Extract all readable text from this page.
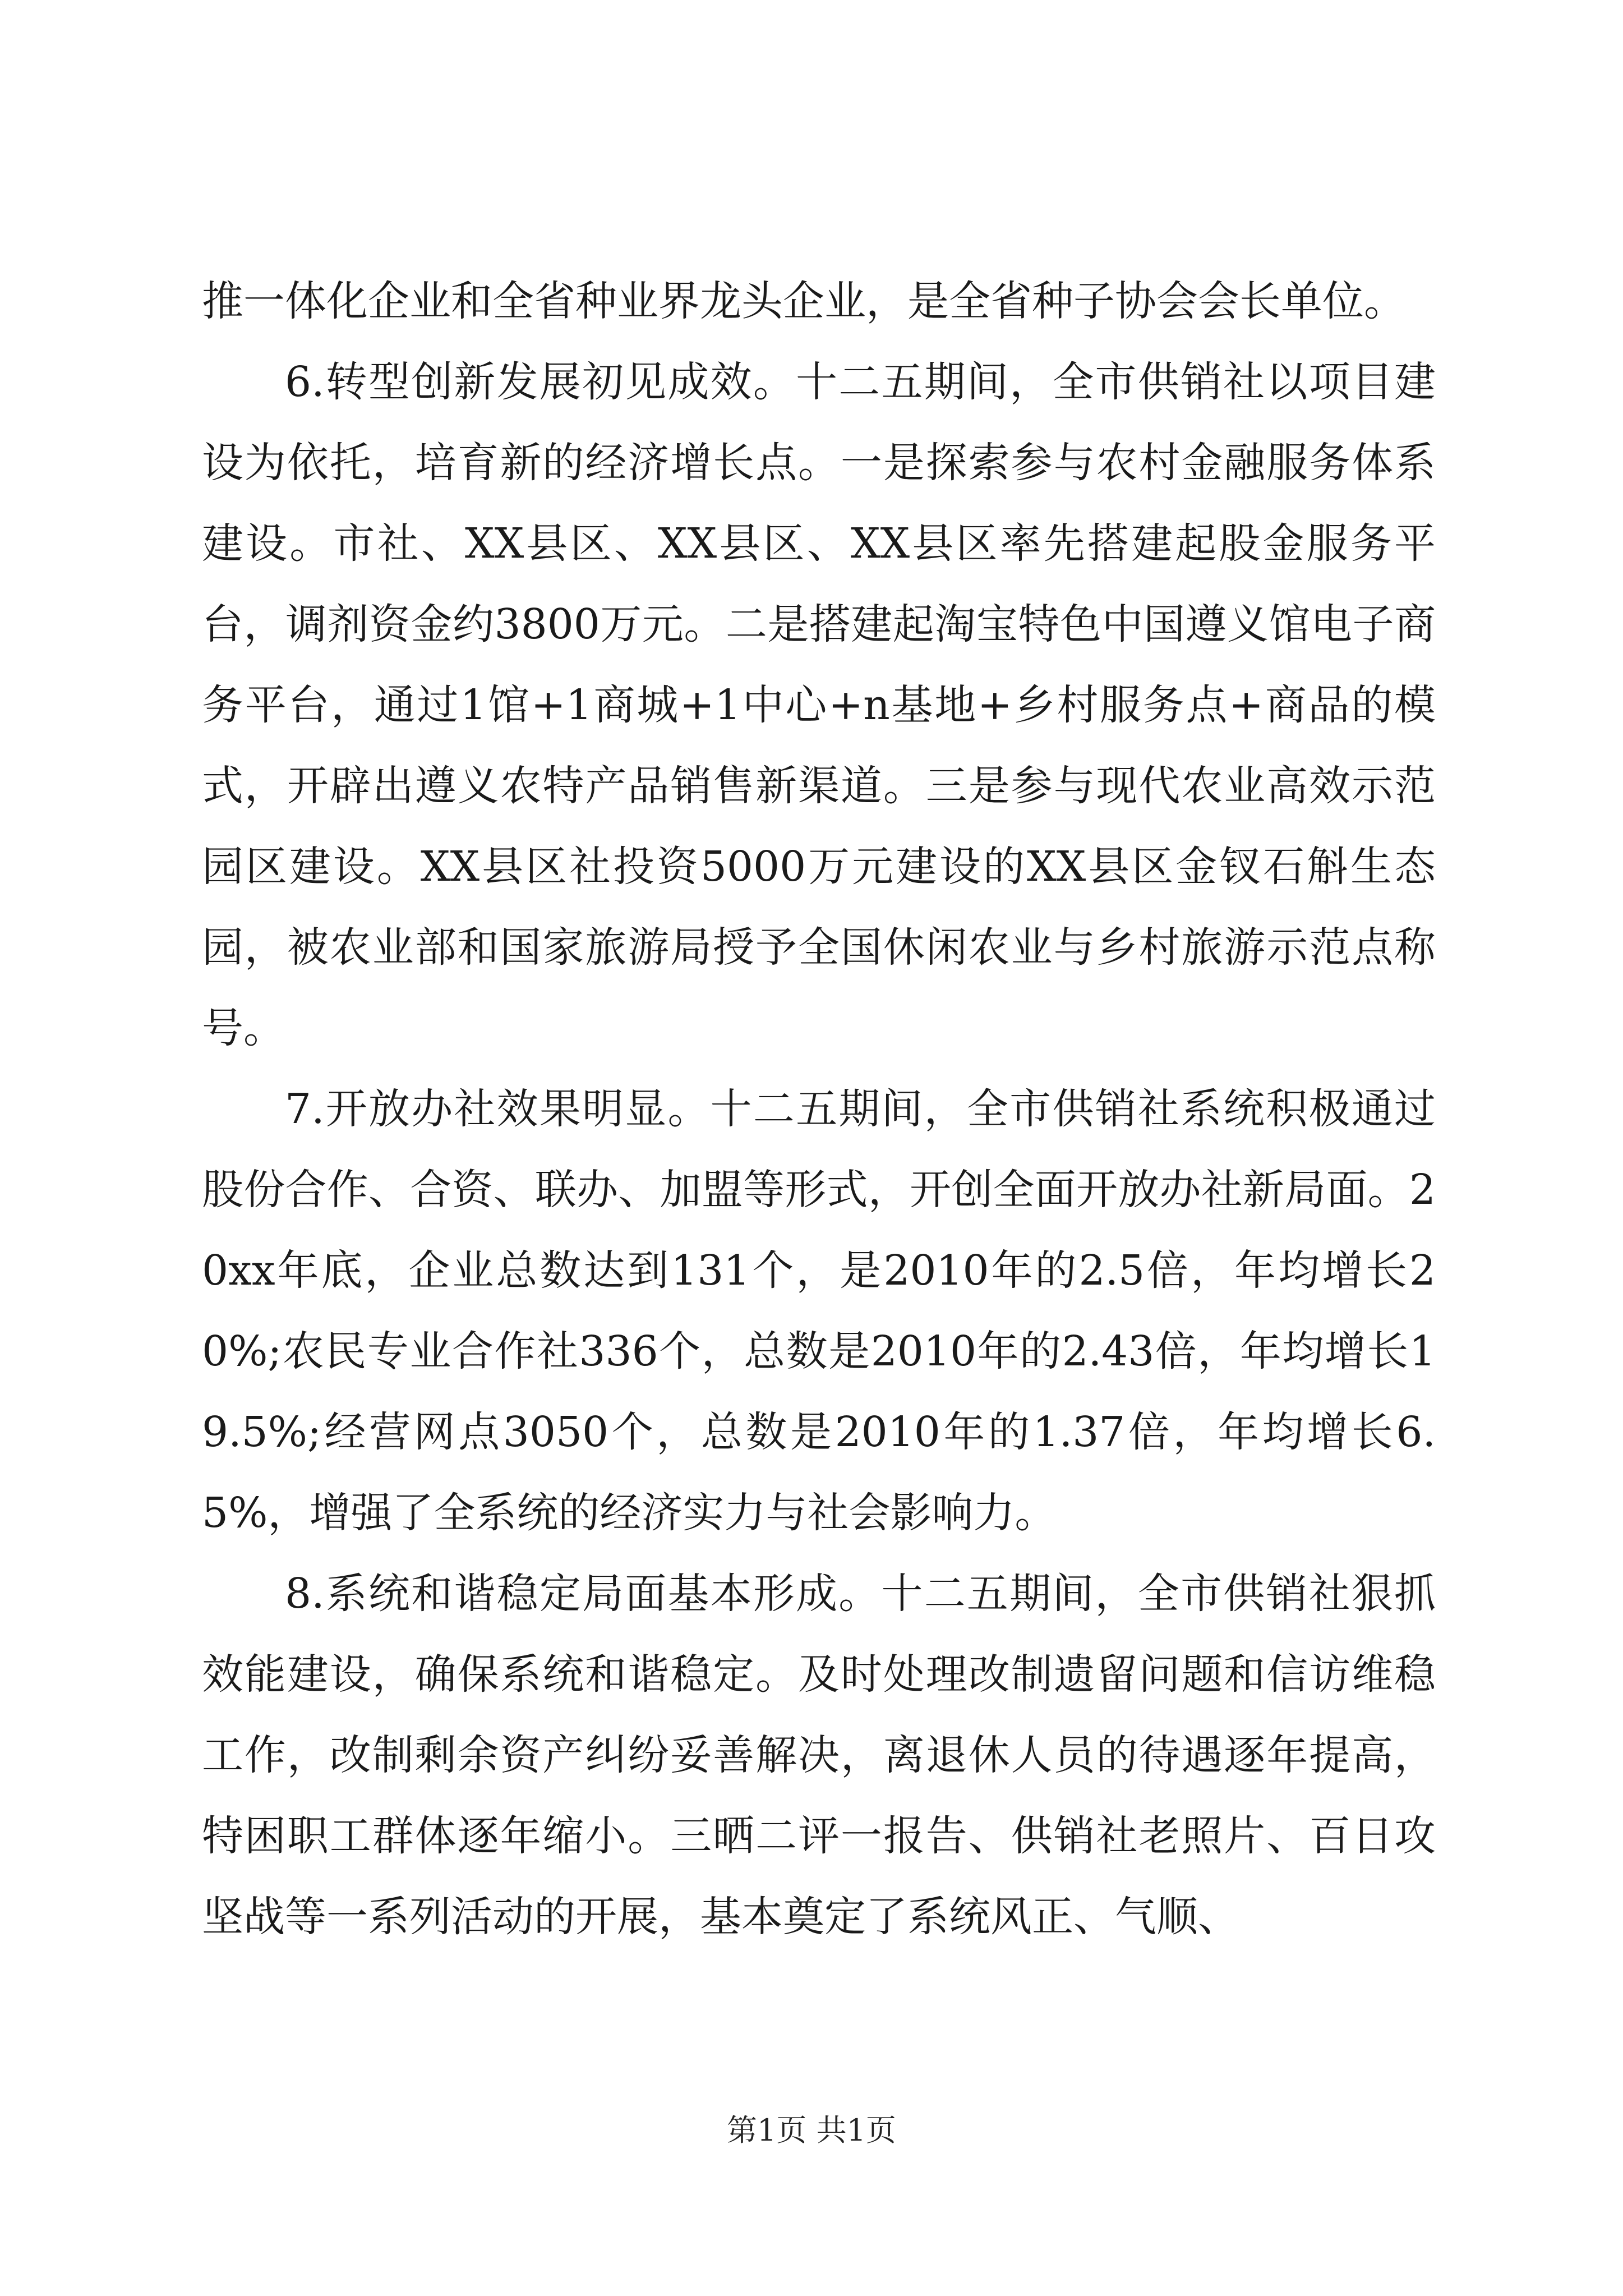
推一体化企业和全省种业界龙头企业，是全省种子协会会长单位。

6.转型创新发展初见成效。十二五期间，全市供销社以项目建设为依托，培育新的经济增长点。一是探索参与农村金融服务体系建设。市社、XX县区、XX县区、XX县区率先搭建起股金服务平台，调剂资金约3800万元。二是搭建起淘宝特色中国遵义馆电子商务平台，通过1馆+1商城+1中心+n基地+乡村服务点+商品的模式，开辟出遵义农特产品销售新渠道。三是参与现代农业高效示范园区建设。XX县区社投资5000万元建设的XX县区金钗石斛生态园，被农业部和国家旅游局授予全国休闲农业与乡村旅游示范点称号。

7.开放办社效果明显。十二五期间，全市供销社系统积极通过股份合作、合资、联办、加盟等形式，开创全面开放办社新局面。20xx年底，企业总数达到131个，是2010年的2.5倍，年均增长20%;农民专业合作社336个，总数是2010年的2.43倍，年均增长19.5%;经营网点3050个，总数是2010年的1.37倍，年均增长6.5%，增强了全系统的经济实力与社会影响力。

8.系统和谐稳定局面基本形成。十二五期间，全市供销社狠抓效能建设，确保系统和谐稳定。及时处理改制遗留问题和信访维稳工作，改制剩余资产纠纷妥善解决，离退休人员的待遇逐年提高，特困职工群体逐年缩小。三晒二评一报告、供销社老照片、百日攻坚战等一系列活动的开展，基本奠定了系统风正、气顺、

第1页 共1页
